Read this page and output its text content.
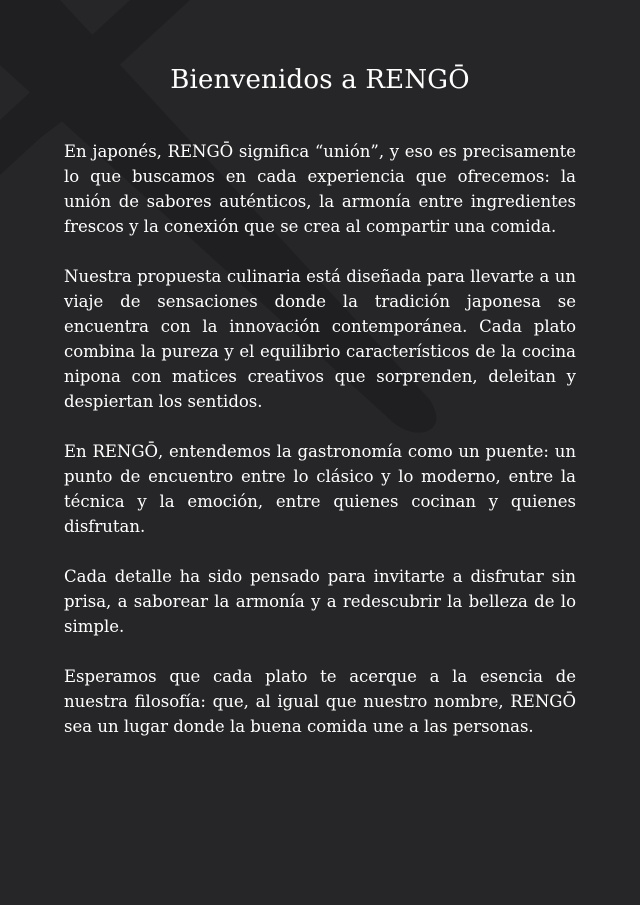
Bienvenidos a RENGŌ

En japonés, RENGŌ significa “unión”, y eso es precisamente lo que buscamos en cada experiencia que ofrecemos: la unión de sabores auténticos, la armonía entre ingredientes frescos y la conexión que se crea al compartir una comida.

Nuestra propuesta culinaria está diseñada para llevarte a un viaje de sensaciones donde la tradición japonesa se encuentra con la innovación contemporánea. Cada plato combina la pureza y el equilibrio característicos de la cocina nipona con matices creativos que sorprenden, deleitan y despiertan los sentidos.

En RENGŌ, entendemos la gastronomía como un puente: un punto de encuentro entre lo clásico y lo moderno, entre la técnica y la emoción, entre quienes cocinan y quienes disfrutan.

Cada detalle ha sido pensado para invitarte a disfrutar sin prisa, a saborear la armonía y a redescubrir la belleza de lo simple.

Esperamos que cada plato te acerque a la esencia de nuestra filosofía: que, al igual que nuestro nombre, RENGŌ sea un lugar donde la buena comida une a las personas.
